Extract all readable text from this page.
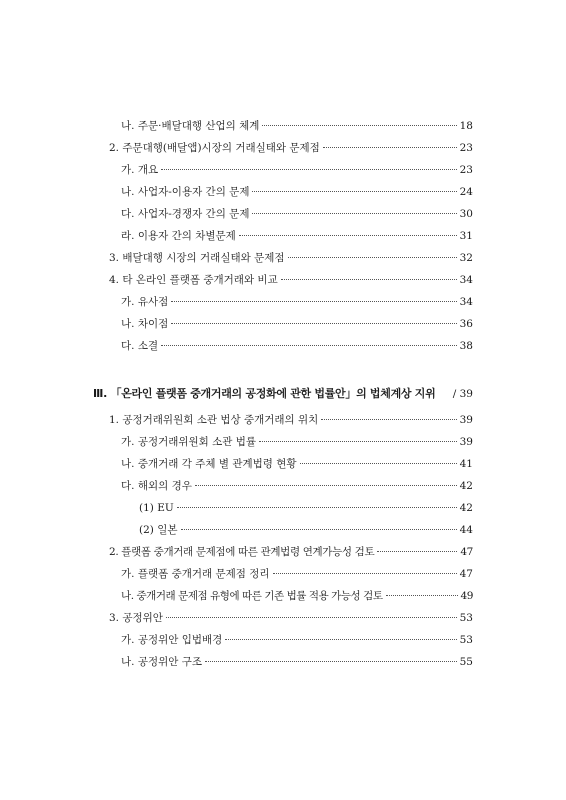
나. 주문·배달대행 산업의 체계	18
2. 주문대행(배달앱)시장의 거래실태와 문제점	23
가. 개요	23
나. 사업자-이용자 간의 문제	24
다. 사업자-경쟁자 간의 문제	30
라. 이용자 간의 차별문제	31
3. 배달대행 시장의 거래실태와 문제점	32
4. 타 온라인 플랫폼 중개거래와 비교	34
가. 유사점	34
나. 차이점	36
다. 소결	38
Ⅲ. 「온라인 플랫폼 중개거래의 공정화에 관한 법률안」의 법체계상 지위 / 39
1. 공정거래위원회 소관 법상 중개거래의 위치	39
가. 공정거래위원회 소관 법률	39
나. 중개거래 각 주체 별 관계법령 현황	41
다. 해외의 경우	42
(1) EU	42
(2) 일본	44
2. 플랫폼 중개거래 문제점에 따른 관계법령 연계가능성 검토	47
가. 플랫폼 중개거래 문제점 정리	47
나. 중개거래 문제점 유형에 따른 기존 법률 적용 가능성 검토	49
3. 공정위안	53
가. 공정위안 입법배경	53
나. 공정위안 구조	55
